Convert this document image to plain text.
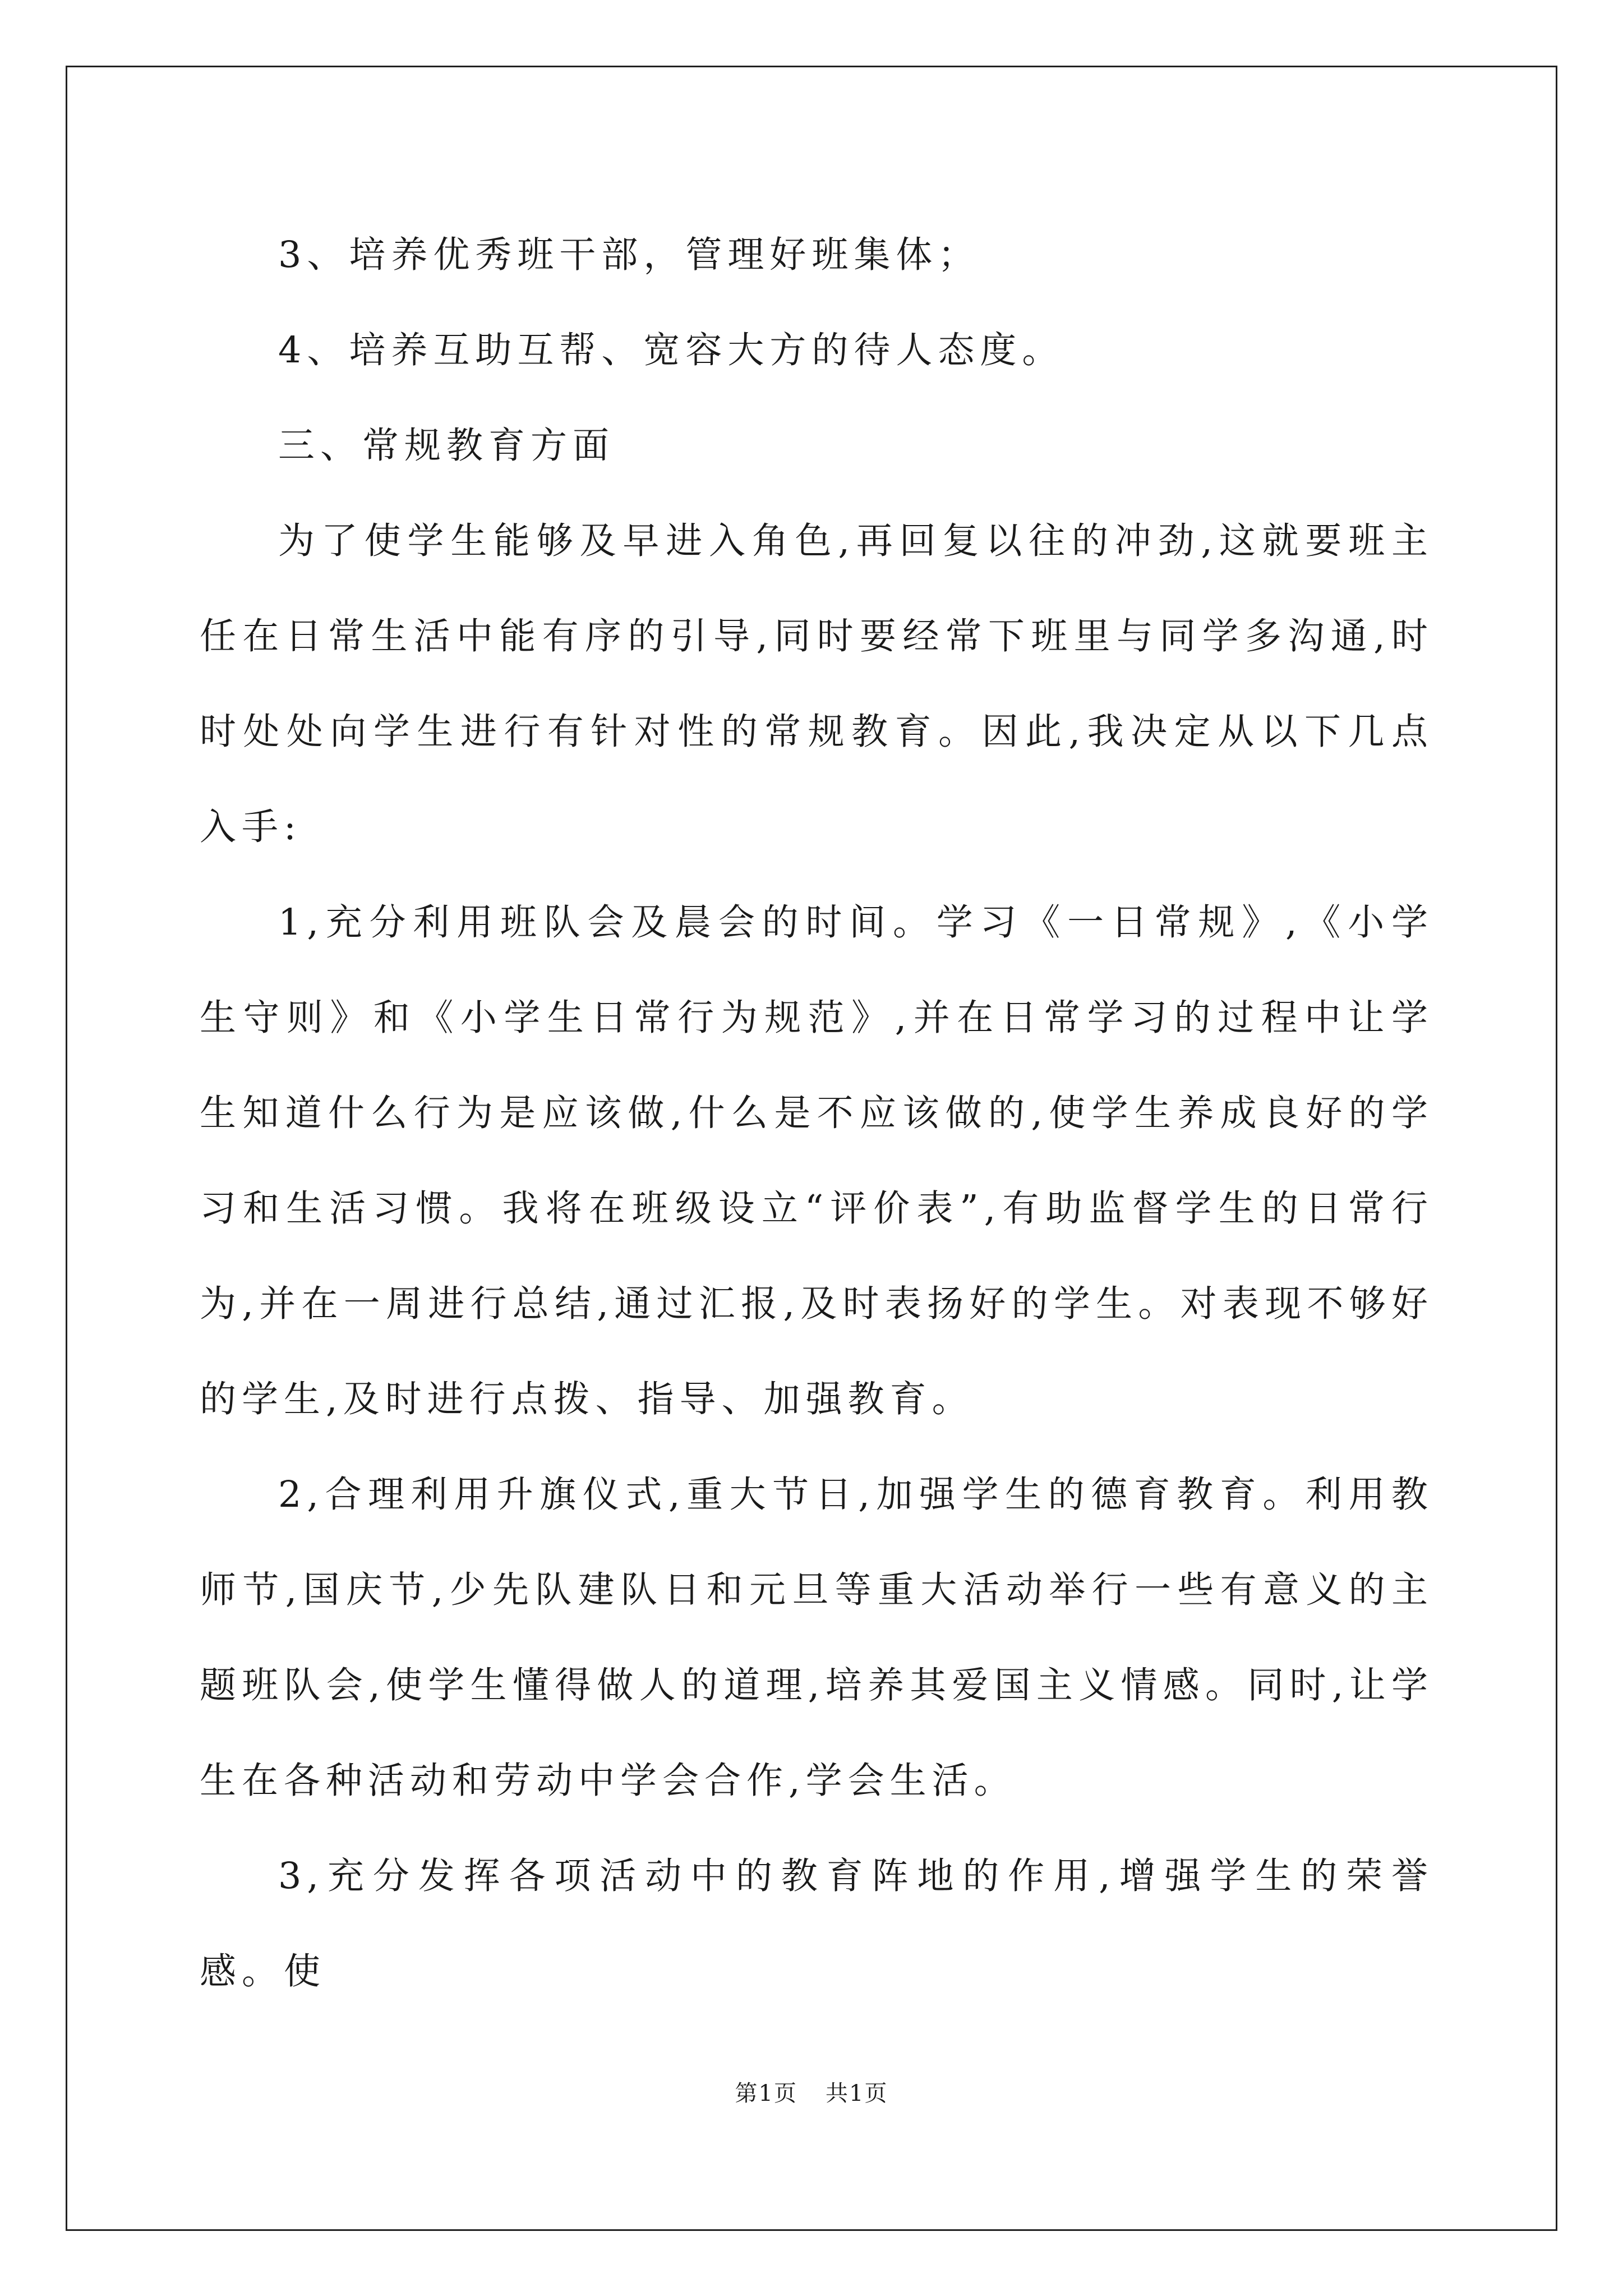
3、培养优秀班干部，管理好班集体；

4、培养互助互帮、宽容大方的待人态度。

三、常规教育方面

为了使学生能够及早进入角色,再回复以往的冲劲,这就要班主任在日常生活中能有序的引导,同时要经常下班里与同学多沟通,时时处处向学生进行有针对性的常规教育。因此,我决定从以下几点入手:

1,充分利用班队会及晨会的时间。学习《一日常规》,《小学生守则》和《小学生日常行为规范》,并在日常学习的过程中让学生知道什么行为是应该做,什么是不应该做的,使学生养成良好的学习和生活习惯。我将在班级设立“评价表”,有助监督学生的日常行为,并在一周进行总结,通过汇报,及时表扬好的学生。对表现不够好的学生,及时进行点拨、指导、加强教育。

2,合理利用升旗仪式,重大节日,加强学生的德育教育。利用教师节,国庆节,少先队建队日和元旦等重大活动举行一些有意义的主题班队会,使学生懂得做人的道理,培养其爱国主义情感。同时,让学生在各种活动和劳动中学会合作,学会生活。

3,充分发挥各项活动中的教育阵地的作用,增强学生的荣誉感。使

第1页 共1页
